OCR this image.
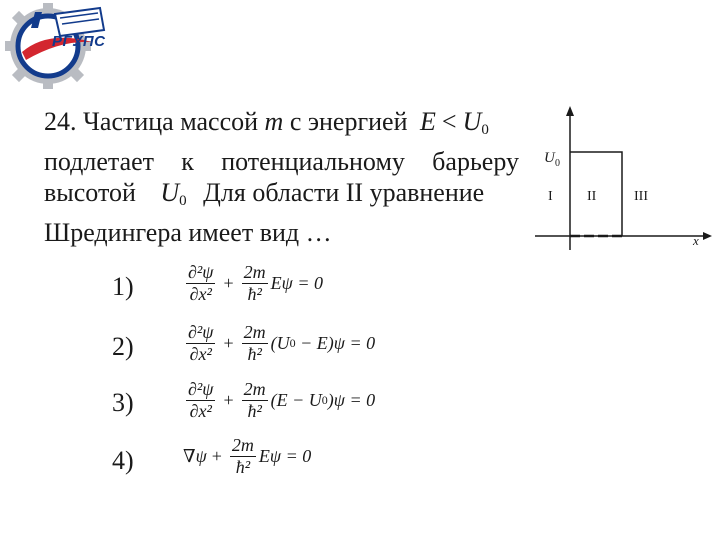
РГУПС
24. Частица массой m с энергией $E < U_0$
подлетает к потенциальному барьеру
высотой $U_0$ Для области II уравнение
Шредингера имеет вид …
U 0
I II	III
x
1)	$\frac{\text{∂²ψ}}{\text{∂x²}} + \frac{2m}{\text{ħ²}}$ Eψ = 0
2)	$\frac{\text{∂²ψ}}{\text{∂x²}} + \frac{2m}{\text{ħ²}} (U$ 0 − E)ψ = 0
3)	$\frac{\text{∂²ψ}}{\text{∂x²}} + \frac{2m}{\text{ħ²}} (E - U$ 0 )ψ = 0
4)	$\nabla\psi + \frac{2m}{\text{ħ²}}$ Eψ = 0
